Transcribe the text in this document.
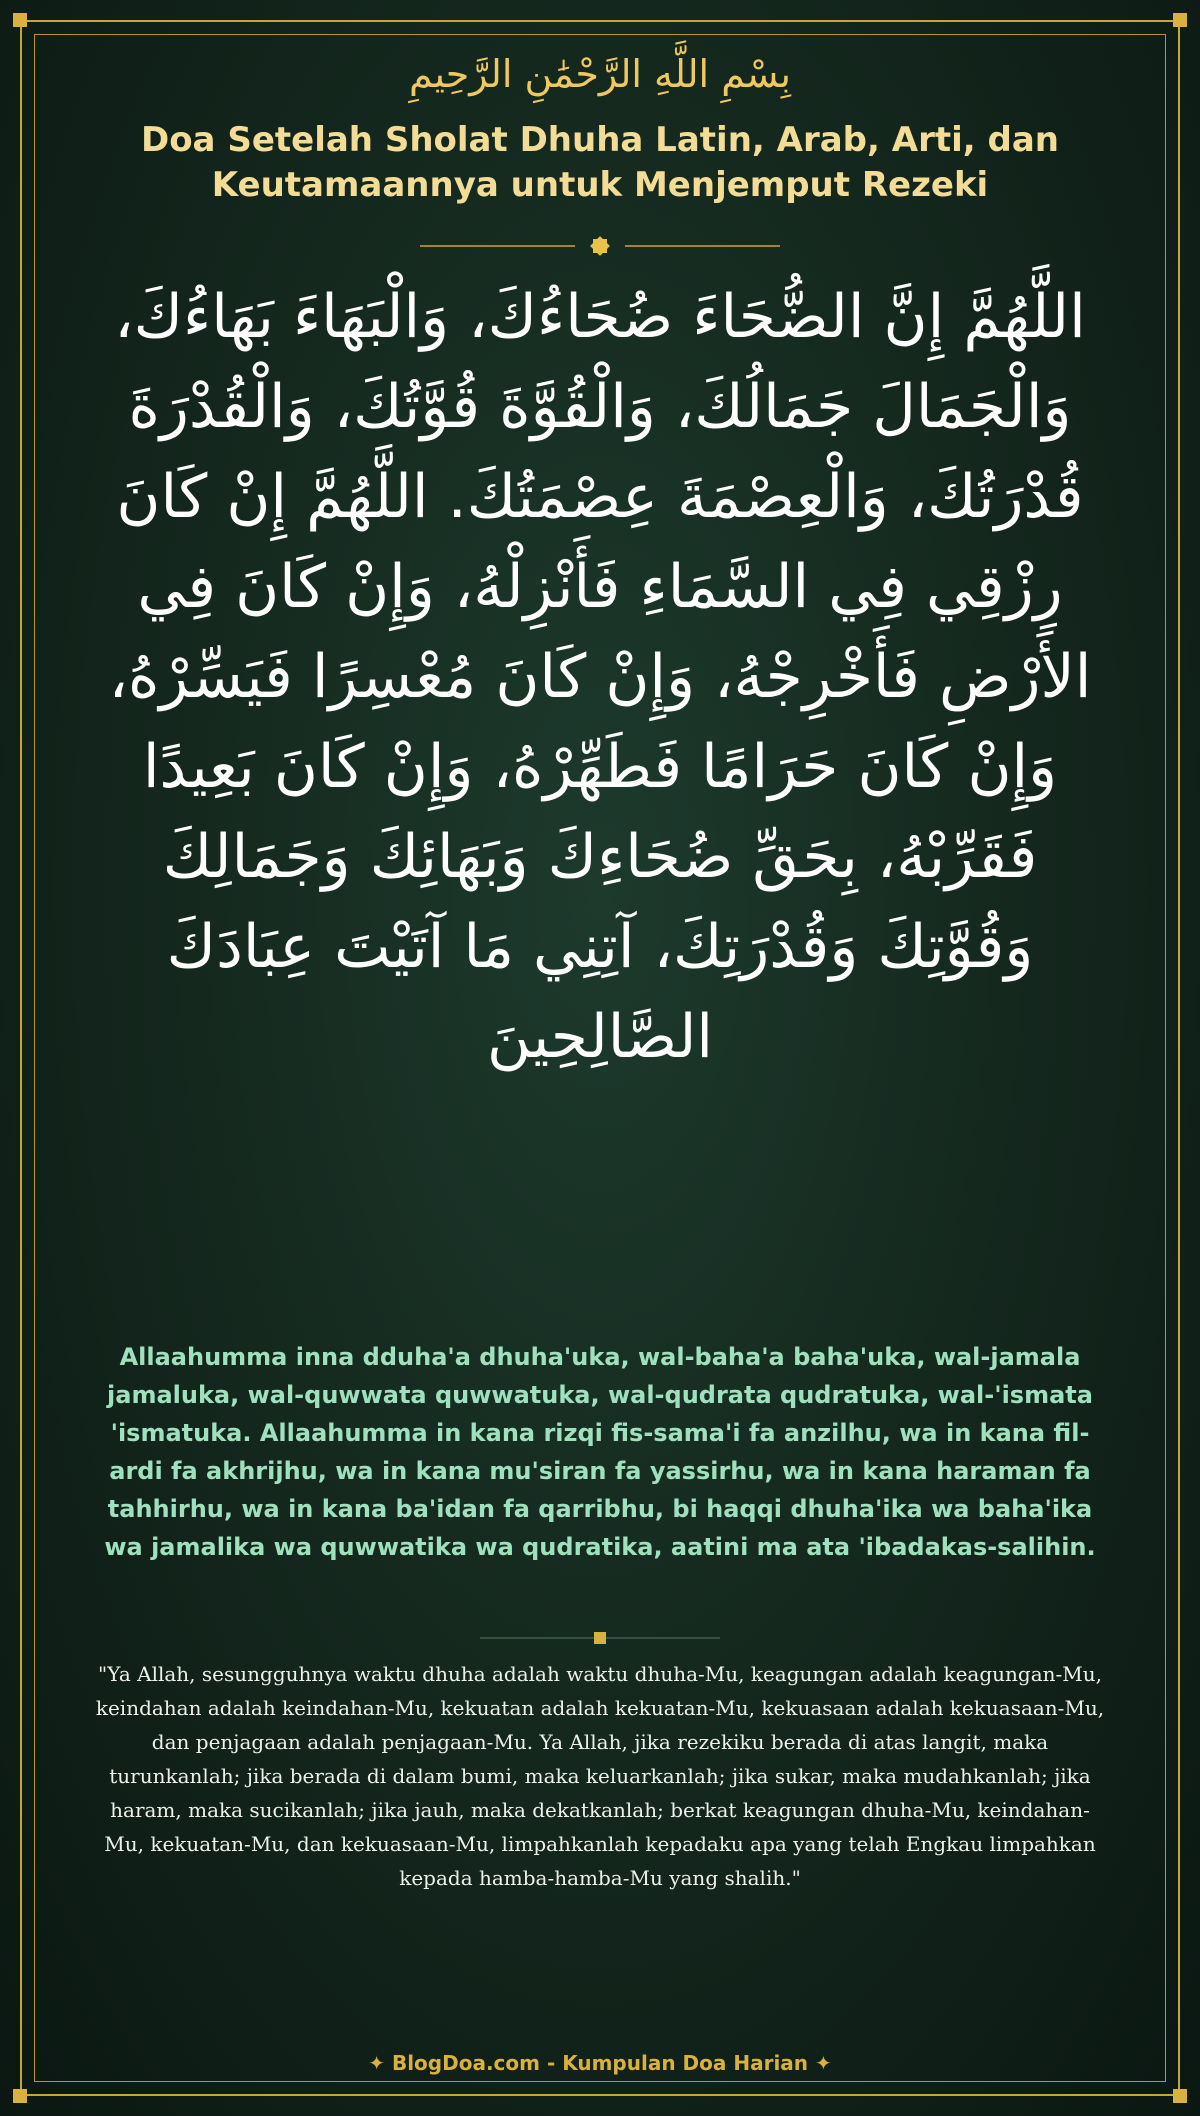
بِسْمِ اللَّهِ الرَّحْمَٰنِ الرَّحِيمِ
Doa Setelah Sholat Dhuha Latin, Arab, Arti, dan Keutamaannya untuk Menjemput Rezeki
اللَّهُمَّ إِنَّ الضُّحَاءَ ضُحَاءُكَ، وَالْبَهَاءَ بَهَاءُكَ، وَالْجَمَالَ جَمَالُكَ، وَالْقُوَّةَ قُوَّتُكَ، وَالْقُدْرَةَ قُدْرَتُكَ، وَالْعِصْمَةَ عِصْمَتُكَ. اللَّهُمَّ إِنْ كَانَ رِزْقِي فِي السَّمَاءِ فَأَنْزِلْهُ، وَإِنْ كَانَ فِي الأَرْضِ فَأَخْرِجْهُ، وَإِنْ كَانَ مُعْسِرًا فَيَسِّرْهُ، وَإِنْ كَانَ حَرَامًا فَطَهِّرْهُ، وَإِنْ كَانَ بَعِيدًا فَقَرِّبْهُ، بِحَقِّ ضُحَاءِكَ وَبَهَائِكَ وَجَمَالِكَ وَقُوَّتِكَ وَقُدْرَتِكَ، آتِنِي مَا آتَيْتَ عِبَادَكَ الصَّالِحِينَ
Allaahumma inna dduha'a dhuha'uka, wal-baha'a baha'uka, wal-jamala jamaluka, wal-quwwata quwwatuka, wal-qudrata qudratuka, wal-'ismata 'ismatuka. Allaahumma in kana rizqi fis-sama'i fa anzilhu, wa in kana fil-ardi fa akhrijhu, wa in kana mu'siran fa yassirhu, wa in kana haraman fa tahhirhu, wa in kana ba'idan fa qarribhu, bi haqqi dhuha'ika wa baha'ika wa jamalika wa quwwatika wa qudratika, aatini ma ata 'ibadakas-salihin.
"Ya Allah, sesungguhnya waktu dhuha adalah waktu dhuha-Mu, keagungan adalah keagungan-Mu, keindahan adalah keindahan-Mu, kekuatan adalah kekuatan-Mu, kekuasaan adalah kekuasaan-Mu, dan penjagaan adalah penjagaan-Mu. Ya Allah, jika rezekiku berada di atas langit, maka turunkanlah; jika berada di dalam bumi, maka keluarkanlah; jika sukar, maka mudahkanlah; jika haram, maka sucikanlah; jika jauh, maka dekatkanlah; berkat keagungan dhuha-Mu, keindahan-Mu, kekuatan-Mu, dan kekuasaan-Mu, limpahkanlah kepadaku apa yang telah Engkau limpahkan kepada hamba-hamba-Mu yang shalih."
✦ BlogDoa.com - Kumpulan Doa Harian ✦
